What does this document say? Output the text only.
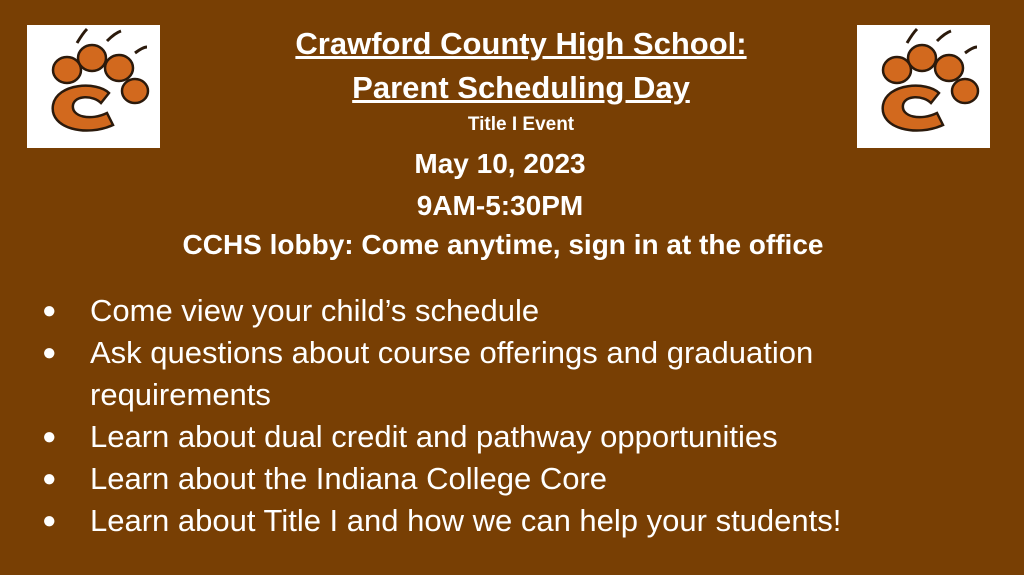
Crawford County High School:
Parent Scheduling Day
Title I Event
May 10, 2023
9AM-5:30PM
CCHS lobby: Come anytime, sign in at the office
● Come view your child’s schedule
● Ask questions about course offerings and graduation requirements
● Learn about dual credit and pathway opportunities
● Learn about the Indiana College Core
● Learn about Title I and how we can help your students!
